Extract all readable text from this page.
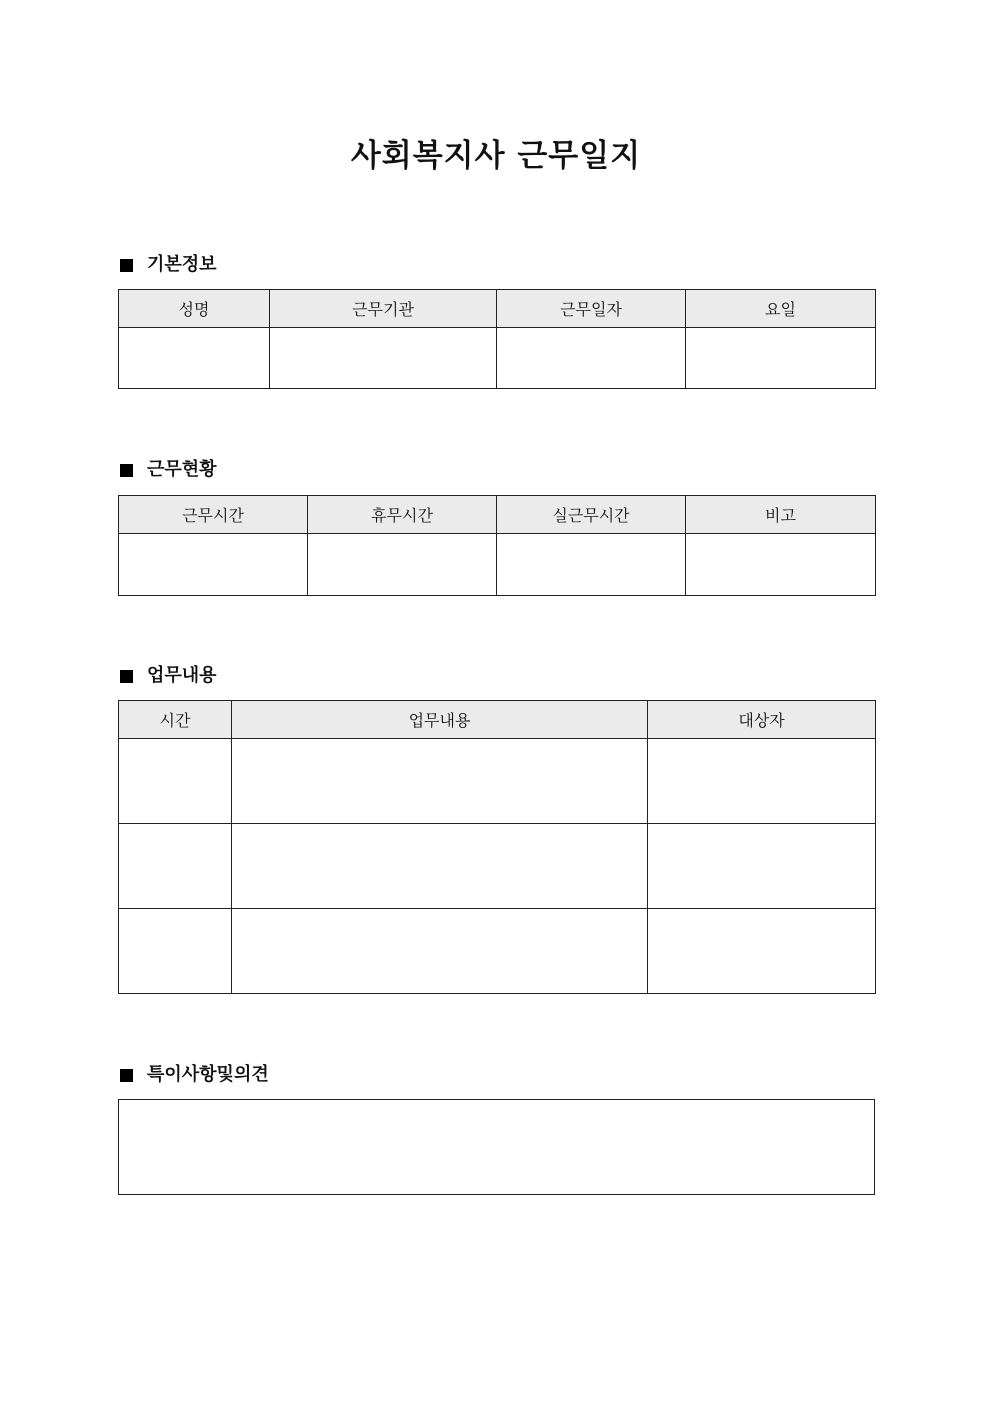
사회복지사 근무일지
기본정보
성명	근무기관	근무일자	요일

근무현황
근무시간	휴무시간	실근무시간	비고

업무내용
시간	업무내용	대상자

특이사항및의견
